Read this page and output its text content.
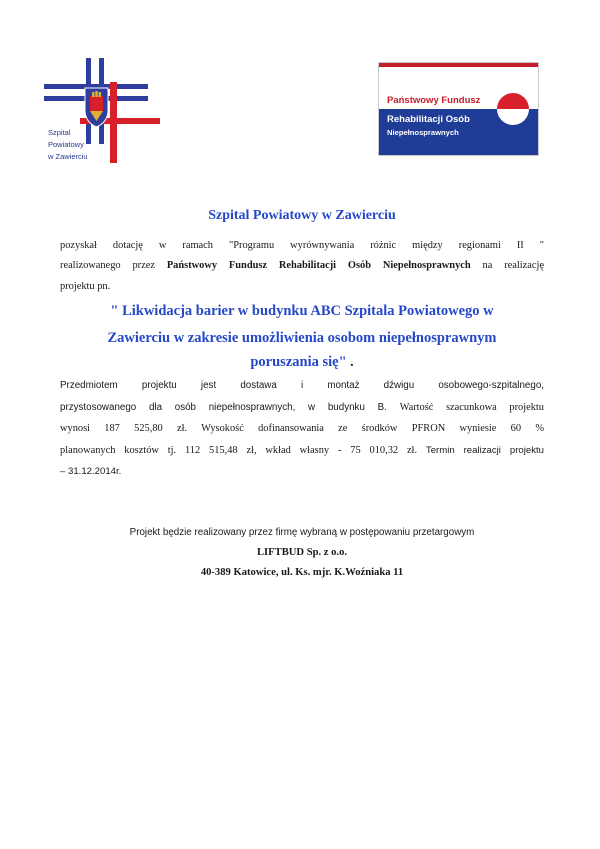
Szpital
Powiatowy
w Zawierciu
Państwowy Fundusz
Rehabilitacji Osób
Niepełnosprawnych
Szpital Powiatowy w Zawierciu
pozyskał dotację w ramach "Programu wyrównywania różnic między regionami II "
realizowanego przez Państwowy Fundusz Rehabilitacji Osób Niepełnosprawnych na realizację
projektu pn.
" Likwidacja barier w budynku ABC Szpitala Powiatowego w
Zawierciu w zakresie umożliwienia osobom niepełnosprawnym
poruszania się" .
Przedmiotem projektu jest dostawa i montaż dźwigu osobowego-szpitalnego,
przystosowanego dla osób niepełnosprawnych, w budynku B. Wartość szacunkowa projektu
wynosi 187 525,80 zł. Wysokość dofinansowania ze środków PFRON wyniesie 60 %
planowanych kosztów tj. 112 515,48 zł, wkład własny - 75 010,32 zł. Termin realizacji projektu
– 31.12.2014r.
Projekt będzie realizowany przez firmę wybraną w postępowaniu przetargowym
LIFTBUD Sp. z o.o.
40-389 Katowice, ul. Ks. mjr. K.Woźniaka 11
